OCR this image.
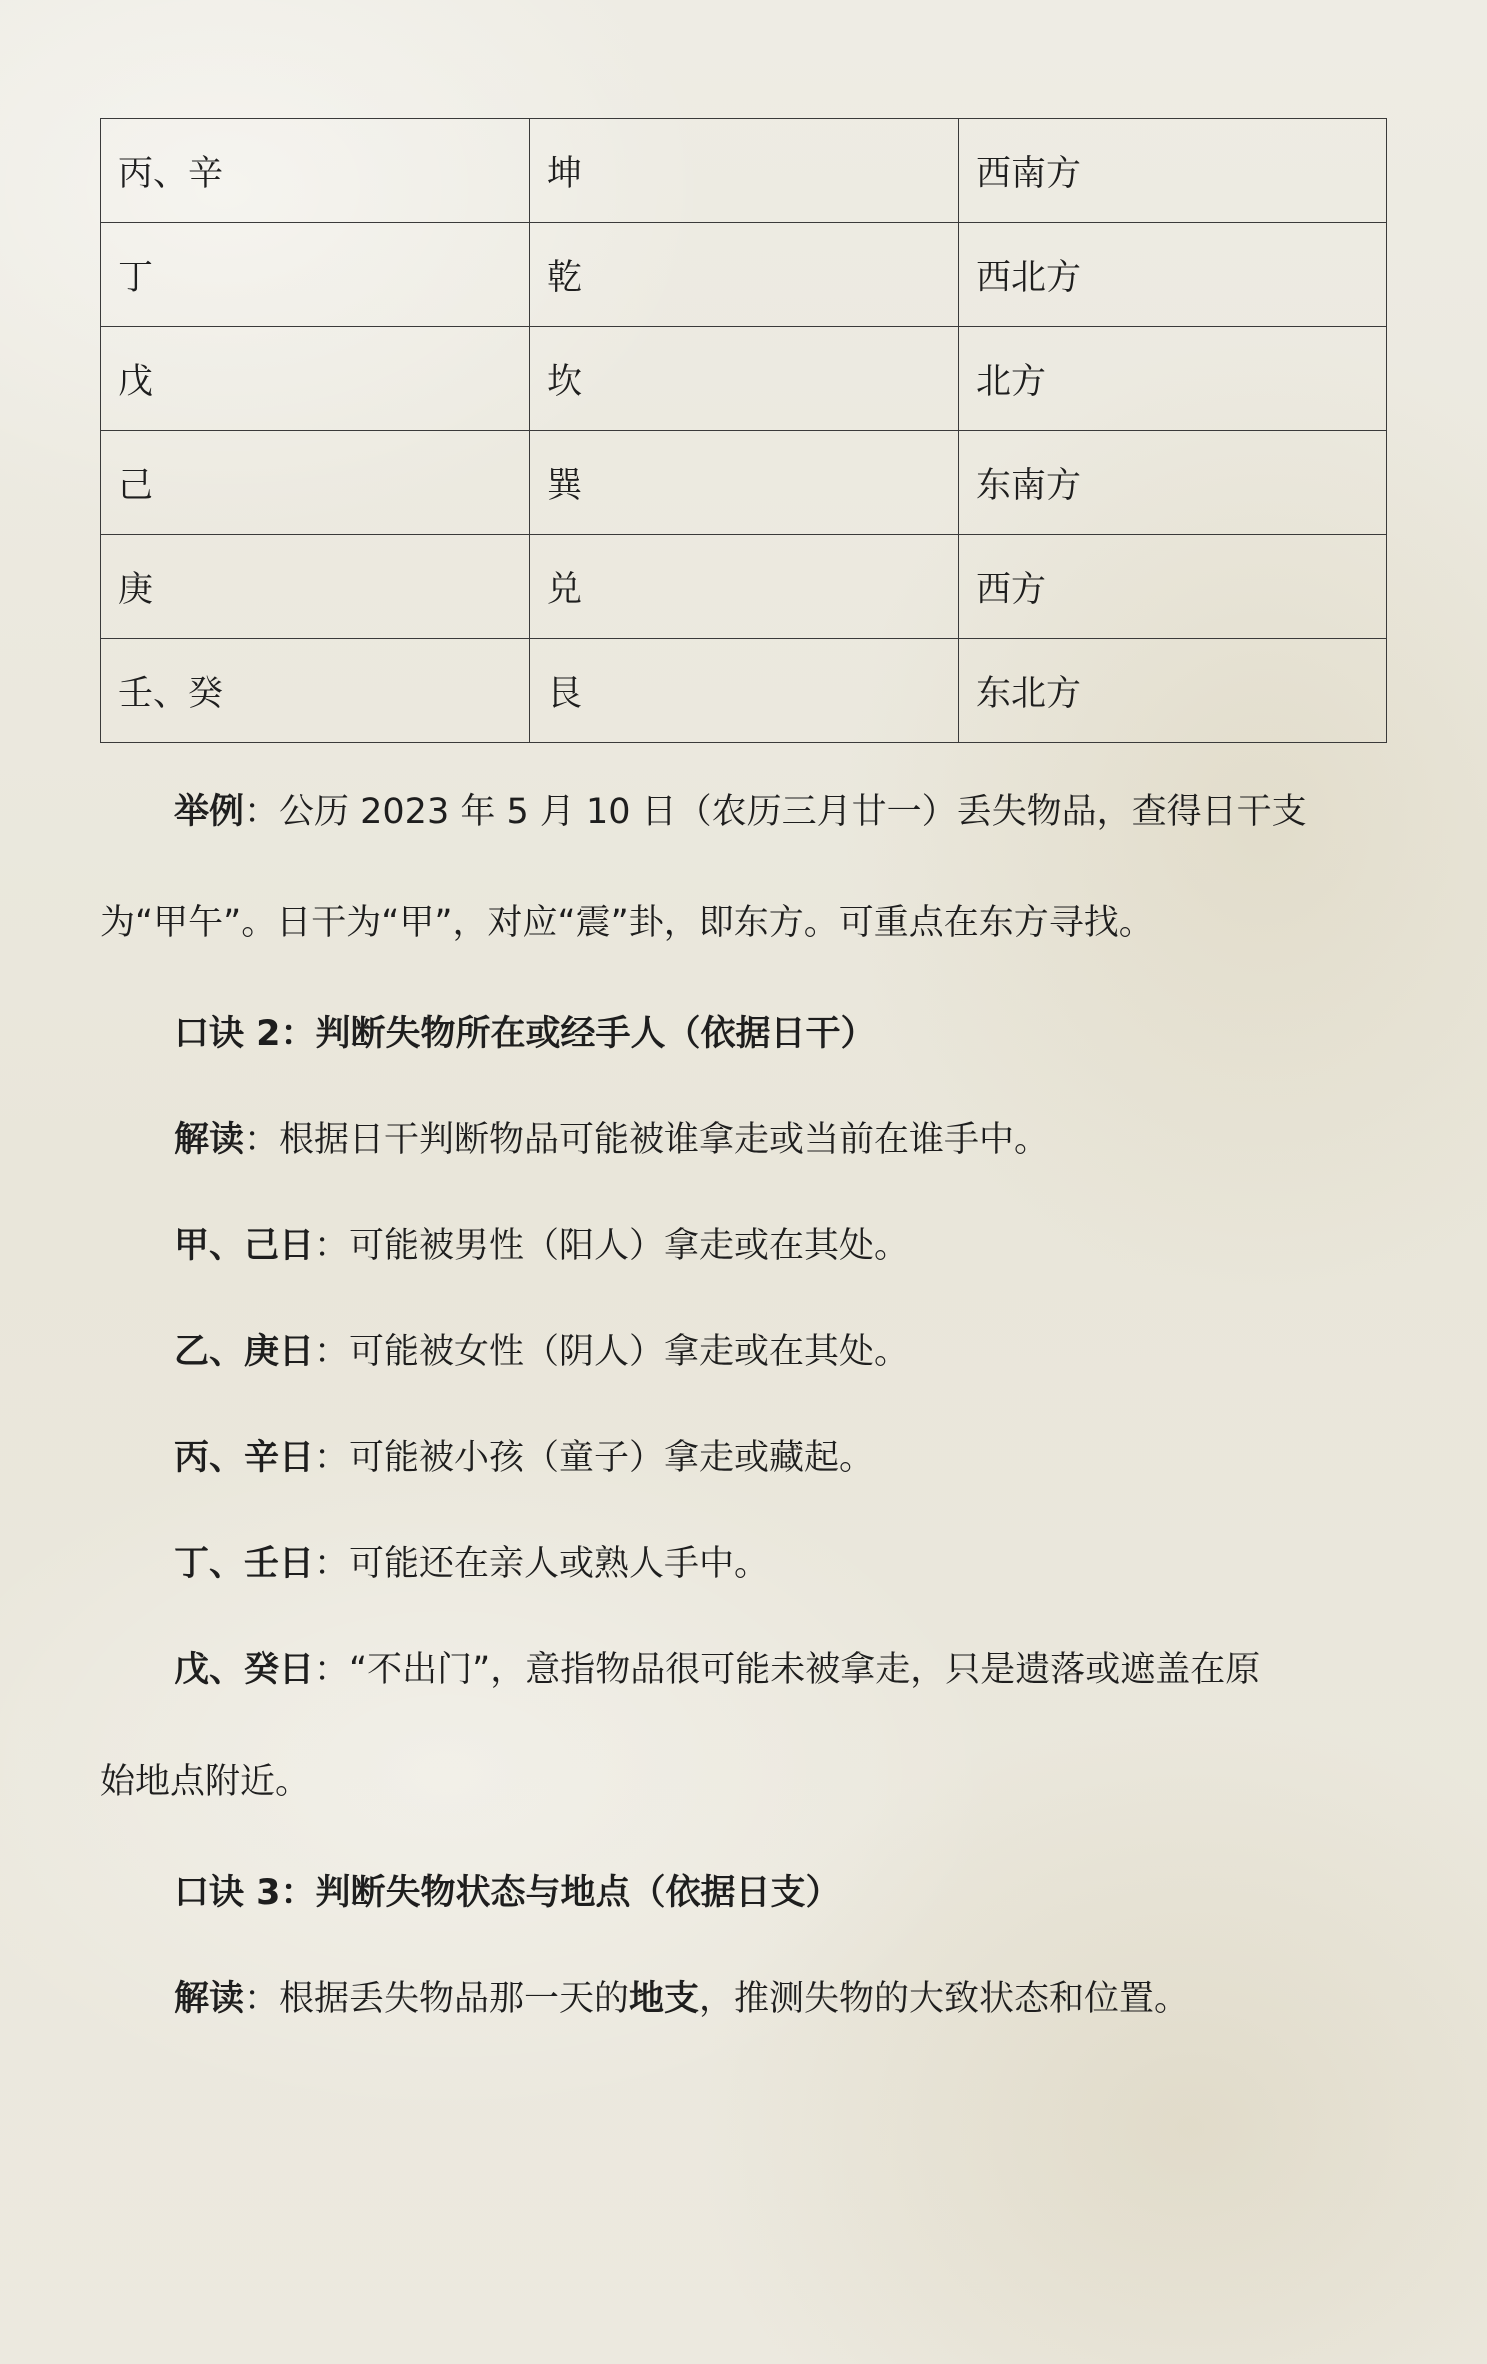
丙、辛	坤	西南方
丁	乾	西北方
戊	坎	北方
己	巽	东南方
庚	兑	西方
壬、癸	艮	东北方
举例：公历 2023 年 5 月 10 日（农历三月廿一）丢失物品，查得日干支
为“甲午”。日干为“甲”，对应“震”卦，即东方。可重点在东方寻找。
口诀 2：判断失物所在或经手人（依据日干）
解读：根据日干判断物品可能被谁拿走或当前在谁手中。
甲、己日：可能被男性（阳人）拿走或在其处。
乙、庚日：可能被女性（阴人）拿走或在其处。
丙、辛日：可能被小孩（童子）拿走或藏起。
丁、壬日：可能还在亲人或熟人手中。
戊、癸日：“不出门”，意指物品很可能未被拿走，只是遗落或遮盖在原
始地点附近。
口诀 3：判断失物状态与地点（依据日支）
解读：根据丢失物品那一天的地支，推测失物的大致状态和位置。
